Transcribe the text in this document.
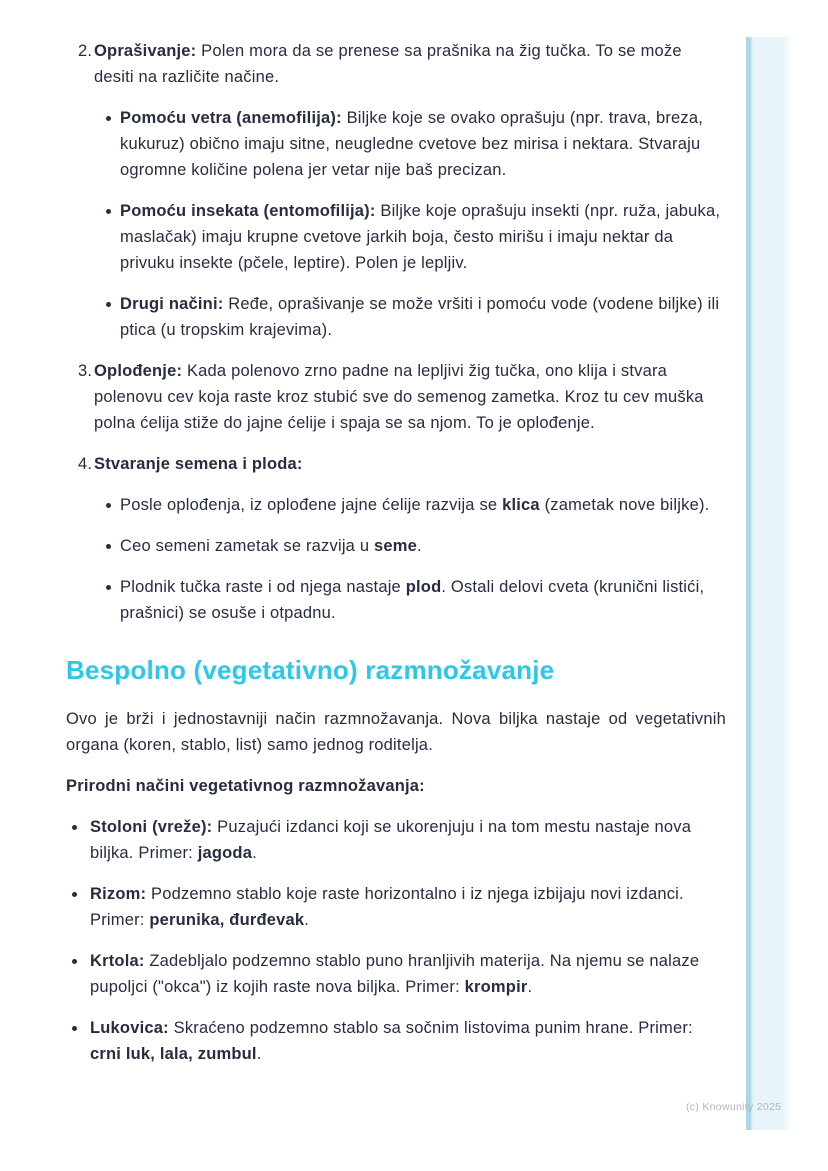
2. Oprašivanje: Polen mora da se prenese sa prašnika na žig tučka. To se može desiti na različite načine.
Pomoću vetra (anemofilija): Biljke koje se ovako oprašuju (npr. trava, breza, kukuruz) obično imaju sitne, neugledne cvetove bez mirisa i nektara. Stvaraju ogromne količine polena jer vetar nije baš precizan.
Pomoću insekata (entomofilija): Biljke koje oprašuju insekti (npr. ruža, jabuka, maslačak) imaju krupne cvetove jarkih boja, često mirišu i imaju nektar da privuku insekte (pčele, leptire). Polen je lepljiv.
Drugi načini: Ređe, oprašivanje se može vršiti i pomoću vode (vodene biljke) ili ptica (u tropskim krajevima).
3. Oplođenje: Kada polenovo zrno padne na lepljivi žig tučka, ono klija i stvara polenovu cev koja raste kroz stubić sve do semenog zametka. Kroz tu cev muška polna ćelija stiže do jajne ćelije i spaja se sa njom. To je oplođenje.
4. Stvaranje semena i ploda:
Posle oplođenja, iz oplođene jajne ćelije razvija se klica (zametak nove biljke).
Ceo semeni zametak se razvija u seme.
Plodnik tučka raste i od njega nastaje plod. Ostali delovi cveta (krunični listići, prašnici) se osuše i otpadnu.
Bespolno (vegetativno) razmnožavanje
Ovo je brži i jednostavniji način razmnožavanja. Nova biljka nastaje od vegetativnih organa (koren, stablo, list) samo jednog roditelja.
Prirodni načini vegetativnog razmnožavanja:
Stoloni (vreže): Puzajući izdanci koji se ukorenjuju i na tom mestu nastaje nova biljka. Primer: jagoda.
Rizom: Podzemno stablo koje raste horizontalno i iz njega izbijaju novi izdanci. Primer: perunika, đurđevak.
Krtola: Zadebljalo podzemno stablo puno hranljivih materija. Na njemu se nalaze pupoljci ("okca") iz kojih raste nova biljka. Primer: krompir.
Lukovica: Skraćeno podzemno stablo sa sočnim listovima punim hrane. Primer: crni luk, lala, zumbul.
(c) Knowunity 2025
